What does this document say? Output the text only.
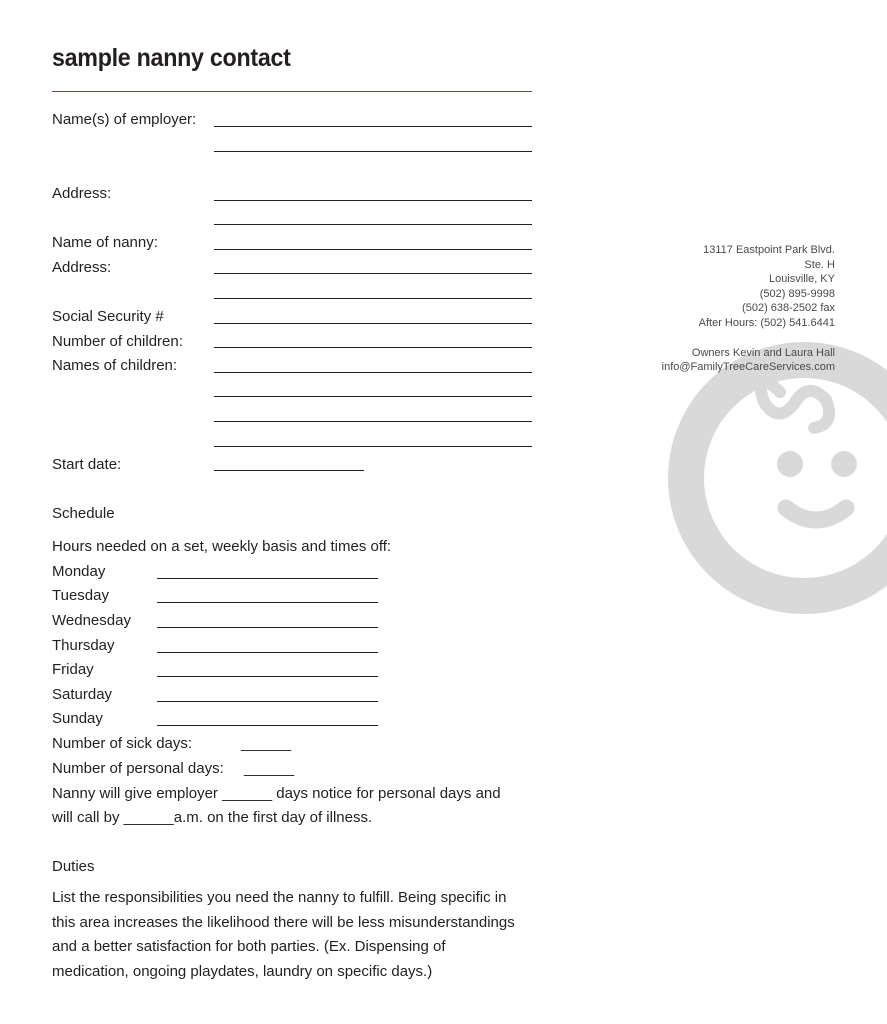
sample nanny contact
Name(s) of employer:
Address:
Name of nanny:
Address:
Social Security #
Number of children:
Names of children:
Start date:
Schedule
Hours needed on a set, weekly basis and times off:
Monday
Tuesday
Wednesday
Thursday
Friday
Saturday
Sunday
Number of sick days:	______
Number of personal days: ______
Nanny will give employer ______ days notice for personal days and
will call by ______a.m. on the first day of illness.
Duties
List the responsibilities you need the nanny to fulfill. Being specific in
this area increases the likelihood there will be less misunderstandings
and a better satisfaction for both parties. (Ex. Dispensing of
medication, ongoing playdates, laundry on specific days.)
13117 Eastpoint Park Blvd.
Ste. H
Louisville, KY
(502) 895-9998
(502) 638-2502 fax
After Hours: (502) 541.6441
Owners Kevin and Laura Hall
info@FamilyTreeCareServices.com
